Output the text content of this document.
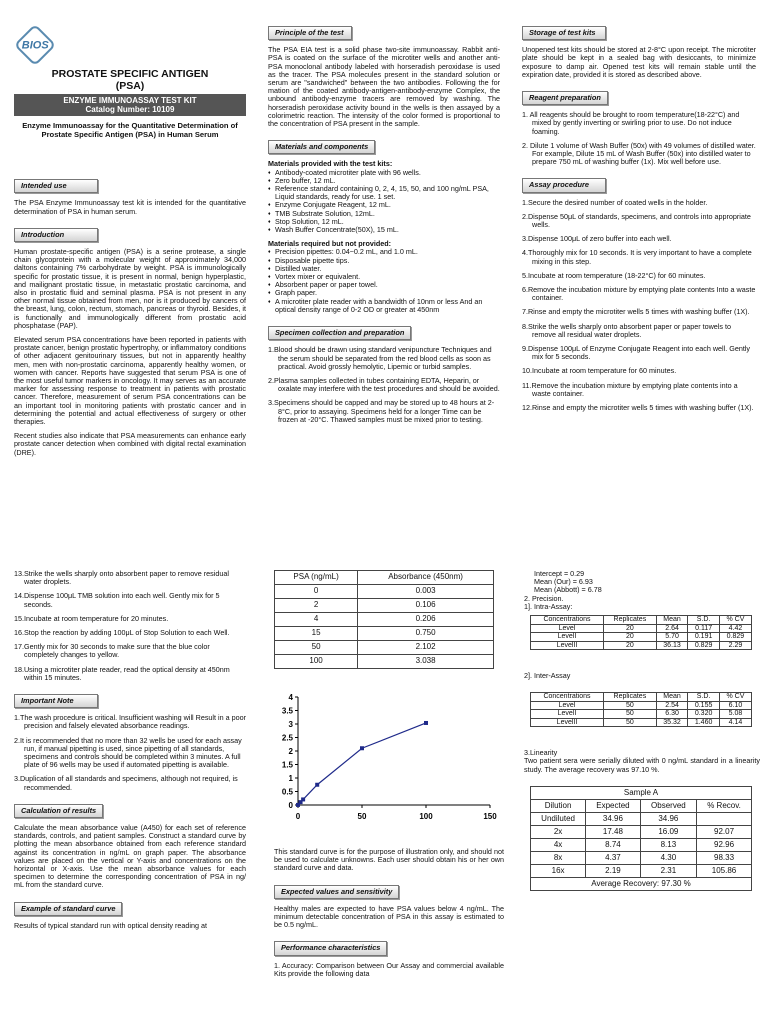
BIOS
PROSTATE SPECIFIC ANTIGEN
(PSA)
ENZYME IMMUNOASSAY TEST KIT
Catalog Number: 10109
Enzyme Immunoassay for the Quantitative Determination of Prostate Specific Antigen (PSA) in Human Serum
Intended use

The PSA Enzyme Immunoassay test kit is intended for the quantitative determination of PSA in human serum.

Introduction

Human prostate-specific antigen (PSA) is a serine protease, a single chain glycoprotein with a molecular weight of approximately 34,000 daltons containing 7% carbohydrate by weight. PSA is immunologically specific for prostatic tissue, it is present in normal, benign hyperplastic, and mailignant prostatic tissue, in metastatic prostatic carcinoma, and also in prostatic fluid and seminal plasma. PSA is not present in any other normal tissue obtained from men, nor is it produced by cancers of the breast, lung, colon, rectum, stomach, pancreas or thyroid. Besides, it is functionally and immunologically different from prostatic acid phosphatase (PAP).

Elevated serum PSA concentrations have been reported in patients with prostate cancer, benign prostatic hypertrophy, or inflammatory conditions of other adjacent genitourinary tissues, but not in apparently healthy men, men with non-prostatic carcinoma, apparently healthy women, or women with cancer. Reports have suggested that serum PSA is one of the most useful tumor markers in oncology. It may serves as an accurate marker for assessing response to treatment in patients with prostatic cancer. Therefore, measurement of serum PSA concentrations can be an important tool in monitoring patients with prostatic cancer and in determining the potential and actual effectiveness of surgery or other therapies.

Recent studies also indicate that PSA measurements can enhance early prostate cancer detection when combined with digital rectal examination (DRE).

Principle of the test

The PSA EIA test is a solid phase two-site immunoassay. Rabbit anti-PSA is coated on the surface of the microtiter wells and another anti-PSA monoclonal antibody labeled with horseradish peroxidase is used as the tracer. The PSA molecules present in the standard solution or serum are "sandwiched" between the two antibodies. Following the for mation of the coated antibody-antigen-antibody-enzyme Complex, the unbound antibody-enzyme tracers are removed by washing. The horseradish peroxidase activity bound in the wells is then assayed by a colorimetric reaction. The intensity of the color formed is proportional to the concentration of PSA present in the sample.

Materials and components
Materials provided with the test kits:
♦ Antibody-coated microtiter plate with 96 wells.
♦ Zero buffer, 12 mL.
♦ Reference standard containing 0, 2, 4, 15, 50, and 100 ng/mL PSA, Liquid standards, ready for use. 1 set.
♦ Enzyme Conjugate Reagent, 12 mL.
♦ TMB Substrate Solution, 12mL.
♦ Stop Solution, 12 mL.
♦ Wash Buffer Concentrate(50X), 15 mL.
Materials required but not provided:
♦ Precision pipettes: 0.04~0.2 mL, and 1.0 mL.
♦ Disposable pipette tips.
♦ Distilled water.
♦ Vortex mixer or equivalent.
♦ Absorbent paper or paper towel.
♦ Graph paper.
♦ A microtiter plate reader with a bandwidth of 10nm or less And an optical density range of 0-2 OD or greater at 450nm
Specimen collection and preparation
1.Blood should be drawn using standard venipuncture Techniques and the serum should be separated from the red blood cells as soon as practical. Avoid grossly hemolytic, Lipemic or turbid samples.
2.Plasma samples collected in tubes containing EDTA, Heparin, or oxalate may interfere with the test procedures and should be avoided.
3.Specimens should be capped and may be stored up to 48 hours at 2-8°C, prior to assaying. Specimens held for a longer Time can be frozen at -20°C. Thawed samples must be mixed prior to testing.
Storage of test kits

Unopened test kits should be stored at 2-8°C upon receipt. The microtiter plate should be kept in a sealed bag with desiccants, to minimize exposure to damp air. Opened test kits will remain stable until the expiration date, provided it is stored as described above.

Reagent preparation
1. All reagents should be brought to room temperature(18-22°C) and mixed by gently inverting or swirling prior to use. Do not induce foaming.
2. Dilute 1 volume of Wash Buffer (50x) with 49 volumes of distilled water. For example, Dilute 15 mL of Wash Buffer (50x) into distilled water to prepare 750 mL of washing buffer (1x). Mix well before use.
Assay procedure
1.Secure the desired number of coated wells in the holder.
2.Dispense 50μL of standards, specimens, and controls into appropriate wells.
3.Dispense 100μL of zero buffer into each well.
4.Thoroughly mix for 10 seconds. It is very important to have a complete mixing in this step.
5.Incubate at room temperature (18-22°C) for 60 minutes.
6.Remove the incubation mixture by emptying plate contents Into a waste container.
7.Rinse and empty the microtiter wells 5 times with washing buffer (1X).
8.Strike the wells sharply onto absorbent paper or paper towels to remove all residual water droplets.
9.Dispense 100μL of Enzyme Conjugate Reagent into each well. Gently mix for 5 seconds.
10.Incubate at room temperature for 60 minutes.
11.Remove the incubation mixture by emptying plate contents into a waste container.
12.Rinse and empty the microtiter wells 5 times with washing buffer (1X).
13.Strike the wells sharply onto absorbent paper to remove residual water droplets.
14.Dispense 100μL TMB solution into each well. Gently mix for 5 seconds.
15.Incubate at room temperature for 20 minutes.
16.Stop the reaction by adding 100μL of Stop Solution to each Well.
17.Gently mix for 30 seconds to make sure that the blue color completely changes to yellow.
18.Using a microtiter plate reader, read the optical density at 450nm within 15 minutes.
Important Note
1.The wash procedure is critical. Insufficient washing will Result in a poor precision and falsely elevated absorbance readings.
2.It is recommended that no more than 32 wells be used for each assay run, if manual pipetting is used, since pipetting of all standards, specimens and controls should be completed within 3 minutes. A full plate of 96 wells may be used if automated pipetting is available.
3.Duplication of all standards and specimens, although not required, is recommended.
Calculation of results

Calculate the mean absorbance value (A450) for each set of reference standards, controls, and patient samples. Construct a standard curve by plotting the mean absorbance obtained from each reference standard against its concentration in ng/mL on graph paper. The absorbance values are placed on the vertical or Y-axis and concentrations on the horizontal or X-axis. Use the mean absorbance values for each specimen to determine the corresponding concentration of PSA in ng/ mL from the standard curve.

Example of standard curve

Results of typical standard run with optical density reading at

PSA (ng/mL)	Absorbance (450nm)
0	0.003
2	0.106
4	0.206
15	0.750
50	2.102
100	3.038
0
0.5
1
1.5
2
2.5
3
3.5
4
0	50	100	150

This standard curve is for the purpose of illustration only, and should not be used to calculate unknowns. Each user should obtain his or her own standard curve and data.

Expected values and sensitivity

Healthy males are expected to have PSA values below 4 ng/mL. The minimum detectable concentration of PSA in this assay is estimated to be 0.5 ng/mL.

Performance characteristics

1. Accuracy: Comparison between Our Assay and commercial available Kits provide the following data

Intercept = 0.29
Mean (Our) = 6.93
Mean (Abbott) = 6.78
2. Precision.
1]. Intra-Assay:
Concentrations	Replicates	Mean	S.D.	% CV
Level	20	2.64	0.117	4.42
LevelI	20	5.70	0.191	0.829
LevelII	20	36.13	0.829	2.29
2]. Inter-Assay
Concentrations	Replicates	Mean	S.D.	% CV
Level	50	2.54	0.155	6.10
LevelI	50	6.30	0.320	5.08
LevelII	50	35.32	1.460	4.14
3.Linearity

Two patient sera were serially diluted with 0 ng/mL standard in a linearity study. The average recovery was 97.10 %.

Sample A			
Dilution	Expected	Observed	% Recov.
Undiluted	34.96	34.96	
2x	17.48	16.09	92.07
4x	8.74	8.13	92.96
8x	4.37	4.30	98.33
16x	2.19	2.31	105.86
Average Recovery: 97.30 %			
